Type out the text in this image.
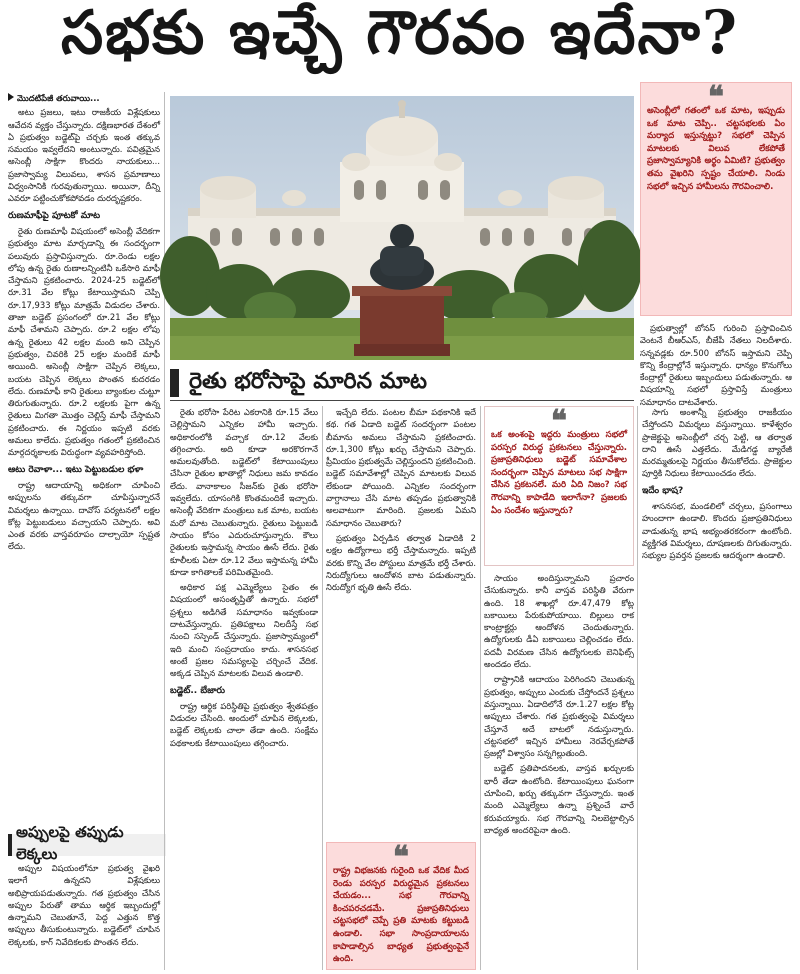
సభకు ఇచ్చే గౌరవం ఇదేనా?
మొదటిపేజీ తరువాయి...

అటు ప్రజలు, ఇటు రాజకీయ విశ్లేషకులు ఆవేదన వ్యక్తం చేస్తున్నారు. దక్షిణభారత దేశంలో ఏ ప్రభుత్వం బడ్జెట్‌పై చర్చకు ఇంత తక్కువ సమయం ఇవ్వలేదని అంటున్నారు. పవిత్రమైన అసెంబ్లీ సాక్షిగా కొందరు నాయకులు... ప్రజాస్వామ్య విలువలు, శాసన ప్రమాణాలు విధ్వంసానికి గురవుతున్నాయి. అయినా, దీన్ని ఎవరూ పట్టించుకోకపోవడం దురదృష్టకరం.

రుణమాఫీపై పూటకో మాట

రైతు రుణమాఫీ విషయంలో అసెంబ్లీ వేదికగా ప్రభుత్వం మాట మార్చడాన్ని ఈ సందర్భంగా పలువురు ప్రస్తావిస్తున్నారు. రూ.రెండు లక్షల లోపు ఉన్న రైతు రుణాలన్నింటినీ ఒకేసారి మాఫీ చేస్తామని ప్రకటించారు. 2024-25 బడ్జెట్‌లో రూ.31 వేల కోట్లు కేటాయిస్తామని చెప్పి రూ.17,933 కోట్లు మాత్రమే విడుదల చేశారు. తాజా బడ్జెట్ ప్రసంగంలో రూ.21 వేల కోట్లు మాఫీ చేశామని చెప్పారు. రూ.2 లక్షల లోపు ఉన్న రైతులు 42 లక్షల మంది అని చెప్పిన ప్రభుత్వం, చివరికి 25 లక్షల మందికే మాఫీ అయింది. అసెంబ్లీ సాక్షిగా చెప్పిన లెక్కలు, బయట చెప్పిన లెక్కలు పొంతన కుదరడం లేదు. రుణమాఫీ కాని రైతులు బ్యాంకుల చుట్టూ తిరుగుతున్నారు. రూ.2 లక్షలకు పైగా ఉన్న రైతులు మిగతా మొత్తం చెల్లిస్తే మాఫీ చేస్తామని ప్రకటించారు. ఈ నిర్ణయం ఇప్పటి వరకు అమలు కాలేదు. ప్రభుత్వం గతంలో ప్రకటించిన మార్గదర్శకాలకు విరుద్ధంగా వ్యవహరిస్తోంది.

ఆటు రెవాళా... ఇటు పెట్టుబడుల భళా

రాష్ట్ర ఆదాయాన్ని అధికంగా చూపించి అప్పులను తక్కువగా చూపిస్తున్నారనే విమర్శలు ఉన్నాయి. దావోస్ పర్యటనలో లక్షల కోట్ల పెట్టుబడులు వచ్చాయని చెప్పారు. అవి ఎంత వరకు వాస్తవరూపం దాల్చాయో స్పష్టత లేదు.

అప్పులపై తప్పుడు లెక్కలు

అప్పుల విషయంలోనూ ప్రభుత్వ వైఖరి ఇలాగే ఉన్నదని విశ్లేషకులు అభిప్రాయపడుతున్నారు. గత ప్రభుత్వం చేసిన అప్పుల పేరుతో తాము ఆర్థిక ఇబ్బందుల్లో ఉన్నామని చెబుతూనే, పెద్ద ఎత్తున కొత్త అప్పులు తీసుకుంటున్నారు. బడ్జెట్‌లో చూపిన లెక్కలకు, కాగ్ నివేదికలకు పొంతన లేదు.

రైతు భరోసాపై మారిన మాట

రైతు భరోసా పేరిట ఎకరానికి రూ.15 వేలు చెల్లిస్తామని ఎన్నికల హామీ ఇచ్చారు. అధికారంలోకి వచ్చాక రూ.12 వేలకు తగ్గించారు. అది కూడా అరకొరగానే అమలవుతోంది. బడ్జెట్‌లో కేటాయింపులు చేసినా రైతుల ఖాతాల్లో నిధులు జమ కావడం లేదు. వానాకాలం సీజన్‌కు రైతు భరోసా ఇవ్వలేదు. యాసంగికి కొంతమందికే ఇచ్చారు. అసెంబ్లీ వేదికగా మంత్రులు ఒక మాట, బయట మరో మాట చెబుతున్నారు. రైతులు పెట్టుబడి సాయం కోసం ఎదురుచూస్తున్నారు. కౌలు రైతులకు ఇస్తామన్న సాయం ఊసే లేదు. రైతు కూలీలకు ఏటా రూ.12 వేలు ఇస్తామన్న హామీ కూడా కాగితాలకే పరిమితమైంది.

అధికార పక్ష ఎమ్మెల్యేలు సైతం ఈ విషయంలో అసంతృప్తితో ఉన్నారు. సభలో ప్రశ్నలు అడిగితే సమాధానం ఇవ్వకుండా దాటవేస్తున్నారు. ప్రతిపక్షాలు నిలదీస్తే సభ నుంచి సస్పెండ్ చేస్తున్నారు. ప్రజాస్వామ్యంలో ఇది మంచి సంప్రదాయం కాదు. శాసనసభ అంటే ప్రజల సమస్యలపై చర్చించే వేదిక. అక్కడ చెప్పిన మాటలకు విలువ ఉండాలి.

బడ్జెట్.. బేజారు

రాష్ట్ర ఆర్థిక పరిస్థితిపై ప్రభుత్వం శ్వేతపత్రం విడుదల చేసింది. అందులో చూపిన లెక్కలకు, బడ్జెట్ లెక్కలకు చాలా తేడా ఉంది. సంక్షేమ పథకాలకు కేటాయింపులు తగ్గించారు.

ఇచ్చేది లేదు. పంటల బీమా పథకానికి ఇదే కథ. గత ఏడాది బడ్జెట్ సందర్భంగా పంటల బీమాను అమలు చేస్తామని ప్రకటించారు. రూ.1,300 కోట్లు ఖర్చు చేస్తామని చెప్పారు. ప్రీమియం ప్రభుత్వమే చెల్లిస్తుందని ప్రకటించింది. బడ్జెట్ సమావేశాల్లో చెప్పిన మాటలకు విలువ లేకుండా పోయింది. ఎన్నికల సందర్భంగా వాగ్దానాలు చేసి మాట తప్పడం ప్రభుత్వానికి అలవాటుగా మారింది. ప్రజలకు ఏమని సమాధానం చెబుతారు?

ప్రభుత్వం ఏర్పడిన తర్వాత ఏడాదికి 2 లక్షల ఉద్యోగాలు భర్తీ చేస్తామన్నారు. ఇప్పటి వరకు కొన్ని వేల పోస్టులు మాత్రమే భర్తీ చేశారు. నిరుద్యోగులు ఆందోళన బాట పడుతున్నారు. నిరుద్యోగ భృతి ఊసే లేదు.

❝
రాష్ట్ర విభజనకు గురైంది ఒక వేదిక మీద రెండు పరస్పర విరుద్ధమైన ప్రకటనలు చేయడం... సభ గౌరవాన్ని కించపరచడమే. ప్రజాప్రతినిధులు చట్టసభలో చెప్పే ప్రతి మాటకు కట్టుబడి ఉండాలి. సభా సాంప్రదాయాలను కాపాడాల్సిన బాధ్యత ప్రభుత్వంపైనే ఉంది.
❝
అసెంబ్లీలో గతంలో ఒక మాట, ఇప్పుడు ఒక మాట చెప్పి.. చట్టసభలకు ఏం మర్యాద ఇస్తున్నట్టు? సభలో చెప్పిన మాటలకు విలువ లేకపోతే ప్రజాస్వామ్యానికి అర్థం ఏమిటి? ప్రభుత్వం తమ వైఖరిని స్పష్టం చేయాలి. నిండు సభలో ఇచ్చిన హామీలను గౌరవించాలి.

ప్రభుత్వాల్లో బోనస్ గురించి ప్రస్తావించిన వెంటనే బీఆర్ఎస్, బీజేపీ నేతలు నిలదీశారు. సన్నవడ్లకు రూ.500 బోనస్ ఇస్తామని చెప్పి కొన్ని కేంద్రాల్లోనే ఇస్తున్నారు. ధాన్యం కొనుగోలు కేంద్రాల్లో రైతులు ఇబ్బందులు పడుతున్నారు. ఆ విషయాన్ని సభలో ప్రస్తావిస్తే మంత్రులు సమాధానం దాటవేశారు.

❝
ఒక అంశంపై ఇద్దరు మంత్రులు సభలో పరస్పర విరుద్ధ ప్రకటనలు చేస్తున్నారు. ప్రజాప్రతినిధులు బడ్జెట్ సమావేశాల సందర్భంగా చెప్పిన మాటలు సభ సాక్షిగా చేసిన ప్రకటనలే. మరి ఏది నిజం? సభ గౌరవాన్ని కాపాడేది ఇలాగేనా? ప్రజలకు ఏం సందేశం ఇస్తున్నారు?

సాయం అందిస్తున్నామని ప్రచారం చేసుకున్నారు. కానీ వాస్తవ పరిస్థితి వేరుగా ఉంది. 18 శాఖల్లో రూ.47,479 కోట్ల బకాయిలు పేరుకుపోయాయి. బిల్లులు రాక కాంట్రాక్టర్లు ఆందోళన చెందుతున్నారు. ఉద్యోగులకు డీఏ బకాయిలు చెల్లించడం లేదు. పదవీ విరమణ చేసిన ఉద్యోగులకు బెనిఫిట్స్ అందడం లేదు.

రాష్ట్రానికి ఆదాయం పెరిగిందని చెబుతున్న ప్రభుత్వం, అప్పులు ఎందుకు చేస్తోందనే ప్రశ్నలు వస్తున్నాయి. ఏడాదిలోనే రూ.1.27 లక్షల కోట్ల అప్పులు చేశారు. గత ప్రభుత్వంపై విమర్శలు చేస్తూనే అదే బాటలో నడుస్తున్నారు. చట్టసభలో ఇచ్చిన హామీలు నెరవేర్చకపోతే ప్రజల్లో విశ్వాసం సన్నగిల్లుతుంది.

బడ్జెట్ ప్రతిపాదనలకు, వాస్తవ ఖర్చులకు భారీ తేడా ఉంటోంది. కేటాయింపులు ఘనంగా చూపించి, ఖర్చు తక్కువగా చేస్తున్నారు. ఇంత మంది ఎమ్మెల్యేలు ఉన్నా ప్రశ్నించే వారే కరువయ్యారు. సభ గౌరవాన్ని నిలబెట్టాల్సిన బాధ్యత అందరిపైనా ఉంది.

సాగు అంశాన్నీ ప్రభుత్వం రాజకీయం చేస్తోందని విమర్శలు వస్తున్నాయి. కాళేశ్వరం ప్రాజెక్టుపై అసెంబ్లీలో చర్చ పెట్టి, ఆ తర్వాత దాని ఊసే ఎత్తలేదు. మేడిగడ్డ బ్యారేజీ మరమ్మతులపై నిర్ణయం తీసుకోలేదు. ప్రాజెక్టుల పూర్తికి నిధులు కేటాయించడం లేదు.

ఇదేం భాష?

శాసనసభ, మండలిలో చర్చలు, ప్రసంగాలు హుందాగా ఉండాలి. కొందరు ప్రజాప్రతినిధులు వాడుతున్న భాష అభ్యంతరకరంగా ఉంటోంది. వ్యక్తిగత విమర్శలు, దూషణలకు దిగుతున్నారు. సభ్యుల ప్రవర్తన ప్రజలకు ఆదర్శంగా ఉండాలి.
